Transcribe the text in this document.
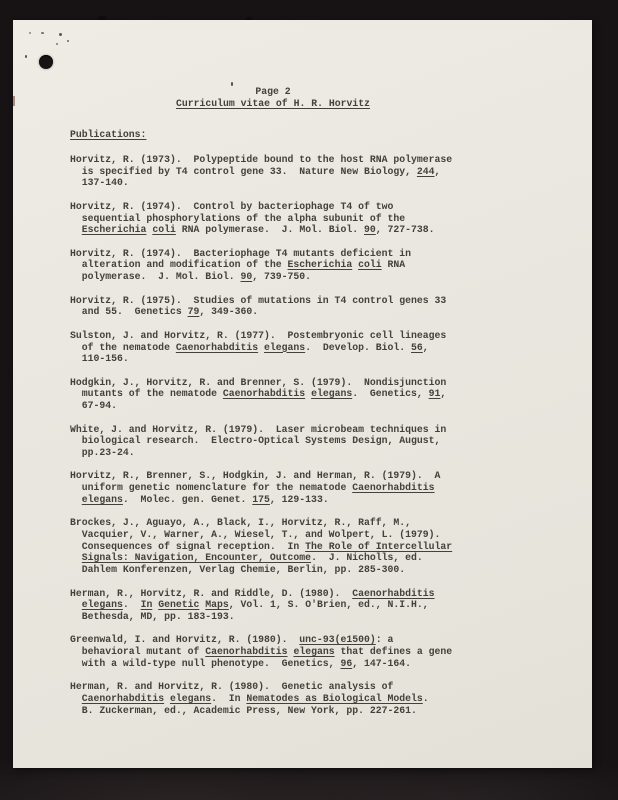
Page 2
Curriculum vitae of H. R. Horvitz
Publications:
Horvitz, R. (1973).  Polypeptide bound to the host RNA polymerase
is specified by T4 control gene 33.  Nature New Biology, 244,
137-140.
Horvitz, R. (1974).  Control by bacteriophage T4 of two
sequential phosphorylations of the alpha subunit of the
Escherichia coli RNA polymerase.  J. Mol. Biol. 90, 727-738.
Horvitz, R. (1974).  Bacteriophage T4 mutants deficient in
alteration and modification of the Escherichia coli RNA
polymerase.  J. Mol. Biol. 90, 739-750.
Horvitz, R. (1975).  Studies of mutations in T4 control genes 33
and 55.  Genetics 79, 349-360.
Sulston, J. and Horvitz, R. (1977).  Postembryonic cell lineages
of the nematode Caenorhabditis elegans.  Develop. Biol. 56,
110-156.
Hodgkin, J., Horvitz, R. and Brenner, S. (1979).  Nondisjunction
mutants of the nematode Caenorhabditis elegans.  Genetics, 91,
67-94.
White, J. and Horvitz, R. (1979).  Laser microbeam techniques in
biological research.  Electro-Optical Systems Design, August,
pp.23-24.
Horvitz, R., Brenner, S., Hodgkin, J. and Herman, R. (1979).  A
uniform genetic nomenclature for the nematode Caenorhabditis
elegans.  Molec. gen. Genet. 175, 129-133.
Brockes, J., Aguayo, A., Black, I., Horvitz, R., Raff, M.,
Vacquier, V., Warner, A., Wiesel, T., and Wolpert, L. (1979).
Consequences of signal reception.  In The Role of Intercellular
Signals: Navigation, Encounter, Outcome.  J. Nicholls, ed.
Dahlem Konferenzen, Verlag Chemie, Berlin, pp. 285-300.
Herman, R., Horvitz, R. and Riddle, D. (1980).  Caenorhabditis
elegans.  In Genetic Maps, Vol. 1, S. O'Brien, ed., N.I.H.,
Bethesda, MD, pp. 183-193.
Greenwald, I. and Horvitz, R. (1980).  unc-93(e1500): a
behavioral mutant of Caenorhabditis elegans that defines a gene
with a wild-type null phenotype.  Genetics, 96, 147-164.
Herman, R. and Horvitz, R. (1980).  Genetic analysis of
Caenorhabditis elegans.  In Nematodes as Biological Models.
B. Zuckerman, ed., Academic Press, New York, pp. 227-261.
